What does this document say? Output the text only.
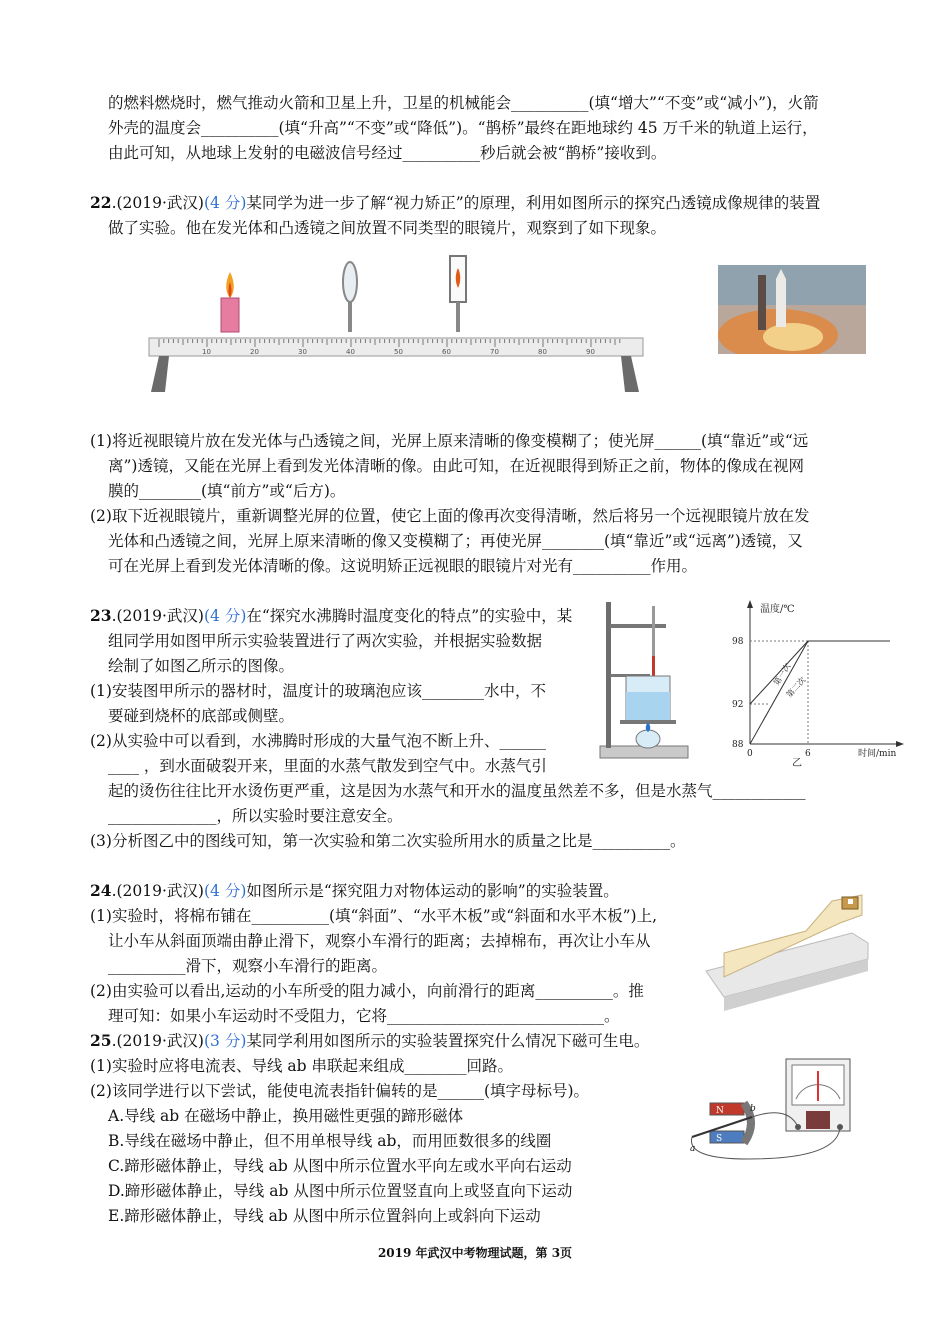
的燃料燃烧时，燃气推动火箭和卫星上升，卫星的机械能会__________(填“增大”“不变”或“减小”)，火箭
外壳的温度会__________(填“升高”“不变”或“降低”)。“鹊桥”最终在距地球约 45 万千米的轨道上运行，
由此可知，从地球上发射的电磁波信号经过__________秒后就会被“鹊桥”接收到。
22.(2019·武汉)(4 分)某同学为进一步了解“视力矫正”的原理，利用如图所示的探究凸透镜成像规律的装置
做了实验。他在发光体和凸透镜之间放置不同类型的眼镜片，观察到了如下现象。
10	20	30	40	50	60	70	80	90
(1)将近视眼镜片放在发光体与凸透镜之间，光屏上原来清晰的像变模糊了；使光屏______(填“靠近”或“远
离”)透镜，又能在光屏上看到发光体清晰的像。由此可知，在近视眼得到矫正之前，物体的像成在视网
膜的________(填“前方”或“后方)。
(2)取下近视眼镜片，重新调整光屏的位置，使它上面的像再次变得清晰，然后将另一个远视眼镜片放在发
光体和凸透镜之间，光屏上原来清晰的像又变模糊了；再使光屏________(填“靠近”或“远离”)透镜，又
可在光屏上看到发光体清晰的像。这说明矫正远视眼的眼镜片对光有__________作用。
23.(2019·武汉)(4 分)在“探究水沸腾时温度变化的特点”的实验中，某
组同学用如图甲所示实验装置进行了两次实验，并根据实验数据
绘制了如图乙所示的图像。
(1)安装图甲所示的器材时，温度计的玻璃泡应该________水中，不
要碰到烧杯的底部或侧壁。
(2)从实验中可以看到，水沸腾时形成的大量气泡不断上升、______
____ ，到水面破裂开来，里面的水蒸气散发到空气中。水蒸气引
起的烫伤往往比开水烫伤更严重，这是因为水蒸气和开水的温度虽然差不多，但是水蒸气____________
______________，所以实验时要注意安全。
(3)分析图乙中的图线可知，第一次实验和第二次实验所用水的质量之比是__________。
温度/℃
98
92
88
0	6	时间/min
第一次
第二次
乙
24.(2019·武汉)(4 分)如图所示是“探究阻力对物体运动的影响”的实验装置。
(1)实验时，将棉布铺在__________(填“斜面”、“水平木板”或“斜面和水平木板”)上,
让小车从斜面顶端由静止滑下，观察小车滑行的距离；去掉棉布，再次让小车从
__________滑下，观察小车滑行的距离。
(2)由实验可以看出,运动的小车所受的阻力减小，向前滑行的距离__________。推
理可知：如果小车运动时不受阻力，它将____________________________。
25.(2019·武汉)(3 分)某同学利用如图所示的实验装置探究什么情况下磁可生电。
(1)实验时应将电流表、导线 ab 串联起来组成________回路。
(2)该同学进行以下尝试，能使电流表指针偏转的是______(填字母标号)。
A.导线 ab 在磁场中静止，换用磁性更强的蹄形磁体
B.导线在磁场中静止，但不用单根导线 ab，而用匝数很多的线圈
C.蹄形磁体静止，导线 ab 从图中所示位置水平向左或水平向右运动
D.蹄形磁体静止，导线 ab 从图中所示位置竖直向上或竖直向下运动
E.蹄形磁体静止，导线 ab 从图中所示位置斜向上或斜向下运动
N
S
a
b
2019 年武汉中考物理试题，第 3页
